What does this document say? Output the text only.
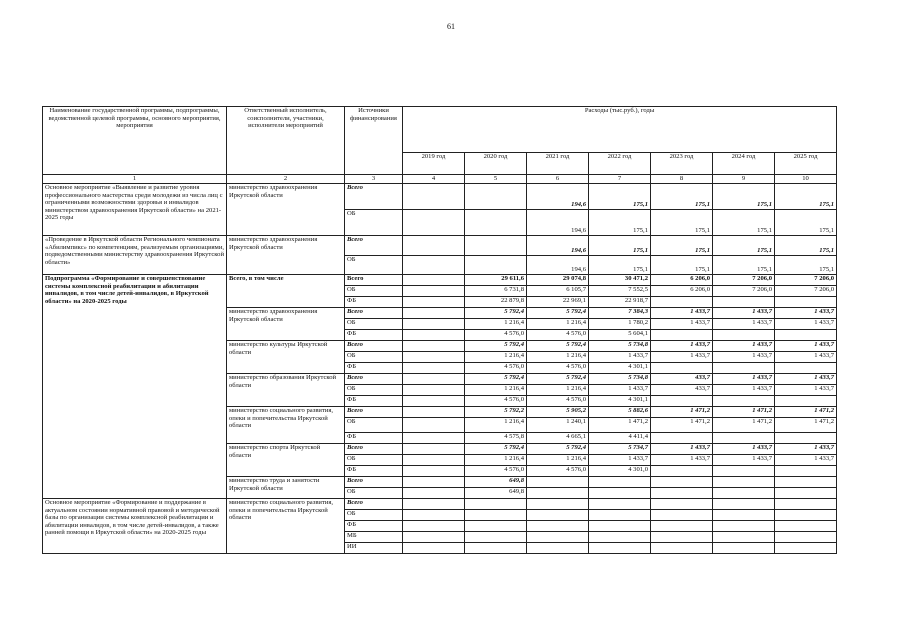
61
Наименование государственной программы, подпрограммы, ведомственной целевой программы, основного мероприятия, мероприятия	Ответственный исполнитель, соисполнители, участники, исполнители мероприятий	Источники финансирования	Расходы (тыс.руб.), годы						
			2019 год	2020 год	2021 год	2022 год	2023 год	2024 год	2025 год
1	2	3	4	5	6	7	8	9	10
Основное мероприятие «Выявление и развитие уровня профессионального мастерства среди молодежи из числа лиц с ограниченными возможностями здоровья и инвалидов министерством здравоохранения Иркутской области» на 2021-2025 годы	министерство здравоохранения Иркутской области	Всего			194,6	175,1	175,1	175,1	175,1
		ОБ			194,6	175,1	175,1	175,1	175,1
«Проведение в Иркутской области Регионального чемпионата «Абилимпикс» по компетенциям, реализуемым организациями, подведомственными министерству здравоохранения Иркутской области»	министерство здравоохранения Иркутской области	Всего			194,6	175,1	175,1	175,1	175,1
		ОБ			194,6	175,1	175,1	175,1	175,1
Подпрограмма «Формирование и совершенствование системы комплексной реабилитации и абилитации инвалидов, в том числе детей-инвалидов, в Иркутской области» на 2020-2025 годы	Всего, в том числе	Всего		29 611,6	29 074,8	30 471,2	6 206,0	7 206,0	7 206,0
		ОБ		6 731,8	6 105,7	7 552,5	6 206,0	7 206,0	7 206,0
		ФБ		22 879,8	22 969,1	22 918,7			
	министерство здравоохранения Иркутской области	Всего		5 792,4	5 792,4	7 384,3	1 433,7	1 433,7	1 433,7
		ОБ		1 216,4	1 216,4	1 780,2	1 433,7	1 433,7	1 433,7
		ФБ		4 576,0	4 576,0	5 604,1			
	министерство культуры Иркутской области	Всего		5 792,4	5 792,4	5 734,8	1 433,7	1 433,7	1 433,7
		ОБ		1 216,4	1 216,4	1 433,7	1 433,7	1 433,7	1 433,7
		ФБ		4 576,0	4 576,0	4 301,1			
	министерство образования Иркутской области	Всего		5 792,4	5 792,4	5 734,8	433,7	1 433,7	1 433,7
		ОБ		1 216,4	1 216,4	1 433,7	433,7	1 433,7	1 433,7
		ФБ		4 576,0	4 576,0	4 301,1			
	министерство социального развития, опеки и попечительства Иркутской области	Всего		5 792,2	5 905,2	5 882,6	1 471,2	1 471,2	1 471,2
		ОБ		1 216,4	1 240,1	1 471,2	1 471,2	1 471,2	1 471,2
		ФБ		4 575,8	4 665,1	4 411,4			
	министерство спорта Иркутской области	Всего		5 792,4	5 792,4	5 734,7	1 433,7	1 433,7	1 433,7
		ОБ		1 216,4	1 216,4	1 433,7	1 433,7	1 433,7	1 433,7
		ФБ		4 576,0	4 576,0	4 301,0			
	министерство труда и занятости Иркутской области	Всего		649,8					
		ОБ		649,8					
Основное мероприятие «Формирование и поддержание в актуальном состоянии нормативной правовой и методической базы по организации системы комплексной реабилитации и абилитации инвалидов, в том числе детей-инвалидов, а также ранней помощи в Иркутской области» на 2020-2025 годы	министерство социального развития, опеки и попечительства Иркутской области	Всего							
		ОБ							
		ФБ							
		МБ							
		ИИ							
